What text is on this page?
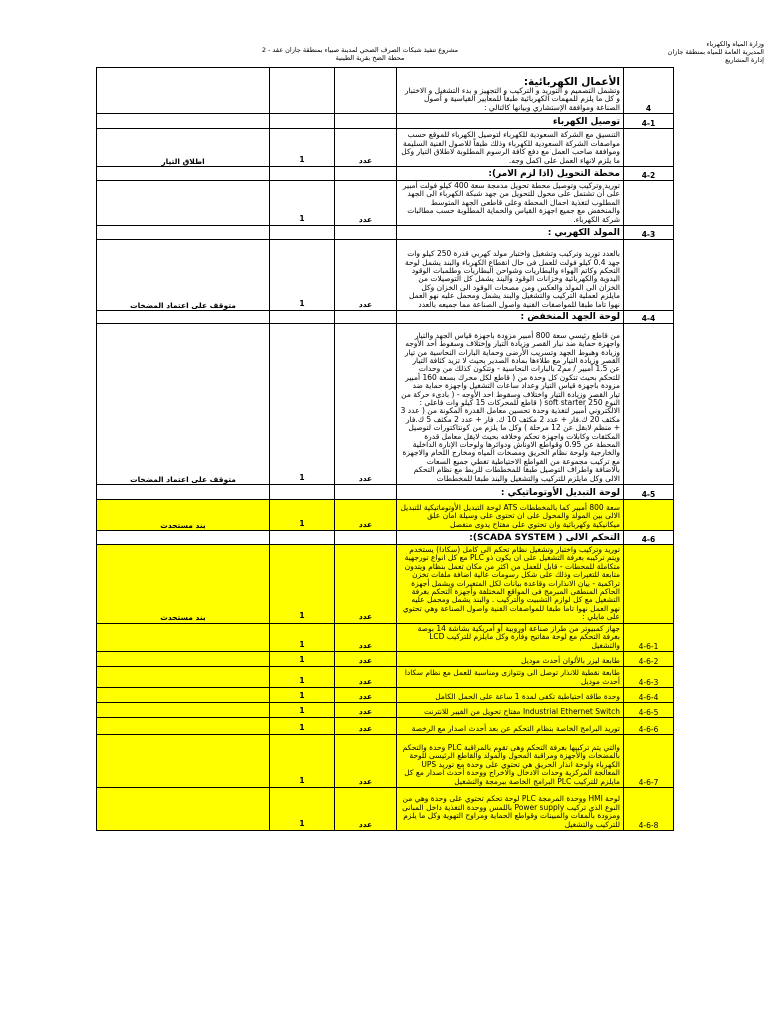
وزارة المياه والكهرباء
المديرية العامة للمياه بمنطقة جازان
إدارة المشاريع
مشروع تنفيذ شبكات الصرف الصحي لمدينة صبياء بمنطقة جازان عقد - 2
محطة الضخ بقرية الطينية

			الأعمال الكهربائية:
وتشمل التصميم و التوريد و التركيب و التجهيز و بدء التشغيل و الاختبار و كل ما يلزم للمهمات الكهربائية طبقاً للمعايير القياسية و أصول الصناعة وموافقة الإستشاري وبيانها كالتالي :	4

			توصيل الكهرباء	4-1
اطلاق التيار	1	عدد	التنسيق مع الشركة السعودية للكهرباء لتوصيل الكهرباء للموقع حسب مواصفات الشركة السعودية للكهرباء وذلك طبقاً للاصول الفنية السليمة وموافقة صاحب العمل مع دفع كافة الرسوم المطلوبة لاطلاق التيار وكل ما يلزم لانهاء العمل على اكمل وجه.	

			محطة التحويل (اذا لزم الامر):	4-2
	1	عدد	توريد وتركيب وتوصيل محطة تحويل مدمجة سعة 400 كيلو فولت أمبير على أن تشتمل على محول للتحويل من جهد شبكة الكهرباء الى الجهد المطلوب لتغذية احمال المحطة وعلى قاطعى الجهد المتوسط والمنخفض مع جميع اجهزة القياس والحماية المطلوبة حسب مطالبات شركة الكهرباء.	

			المولد الكهربي :	4-3
متوقف على اعتماد المضخات	1	عدد	بالعدد توريد وتركيب وتشغيل واختبار مولد كهربي قدرة 250 كيلو وات جهد 0.4 كيلو فولت للعمل فى حال انقطاع الكهرباء والبند يشمل لوحة التحكم وكاتم الهواء والبطاريات وشواحن البطاريات وطلمبات الوقود اليدوية والكهربائية وخزانات الوقود والبند يشمل كل التوصيلات من الخزان الى المولد والعكس ومن مصحات الوقود الى الخزان وكل مايلزم لعملية التركيب والتشغيل والبند يشمل ومحمل عليه نهو العمل نهوا تاما طبقا للمواصفات الفنية واصول الصناعة مما جميعه بالعدد	

			لوحة الجهد المنخفض :	4-4
متوقف على اعتماد المضخات	1	عدد	من قاطع رئيسي سعة 800 أمبير مزودة باجهزة قياس الجهد والتيار واجهزة حماية ضد نبار القصر وزيادة التيار وإختلاف وسقوط أحد الأوجه وزيادة وهبوط الجهد وتسريب الأرضى وحماية البارات النحاسية من تيار القصر وزيادة التيار مع طلاءها بمادة الصدير بحيث لا تزيد كثافة التيار عن 1.5 أمبير / مم2 بالبارات النحاسية - وتتكون كذلك من وحدات للتحكم بحيث تتكون كل وحدة من ( قاطع لكل محرك بسعة 160 أمبير مزودة باجهزة قياس التيار وعداد ساعات التشغيل واجهزة حماية ضد تيار القصر وزيادة التيار واختلاف وسقوط احد الأوجه - ( بادىء حركة من النوع soft starter 250 ( قاطع للمحركات 15 كيلو وات فاعلى : الالكتروني أمبير لتغذية وحدة تحسين معامل القدرة المكونة من ( عدد 3 مكثف 20 ك.فار + عدد 2 مكثف 10 ك. فار + عدد 2 مكثف 5 ك.فار + منظم لابقل عن 12 مرحلة ) وكل ما يلزم من كونتاكتورات لتوصيل المكثفات وكابلات واجهزة تحكم وخلافه بحيث لايقل معامل قدرة المحطة عن 0.95 وقواطع الاوناش ودوائرها ولوحات الإنارة الداخلية والخارجية ولوحة نظام الحريق ومصخات المياه ومخارج اللحام والاجهزة مع تركيب مجموعة من القواطع الاحتياطية تغطي جميع السعات بالاضافة واطراف التوصيل طبقا للمخططات للربط مع نظام التحكم الالى وكل مايلزم للتركيب والتشغيل والبند طبقا للمخططات	

			لوحة التبديل الأوتوماتيكي :	4-5
بند مستحدث	1	عدد	سعة 800 أمبير كما بالمخططات ATS لوحة التبديل الأوتوماتيكية للتبديل الالى بين المولد والمحول على ان تحتوى على وسيلة امان علق ميكانيكية وكهربائية وان تحتوي على مفتاح يدوى منفصل	

			التحكم الالى ( SCADA SYSTEM):	4-6
بند مستحدث	1	عدد	توريد وتركيب واختبار وتشغيل نظام تحكم الى كامل (سكادا) يستخدم ويتم تركيبه بغرفة التشغيل على ان يكون ذو PLC مع كل انواع تورجهية متكاملة للمحطات - قابل للعمل من اكثر من مكان تعمل بنظام ويتدون متابعة للتغيرات وذلك على شكل رسومات عالية اضافة ملفات تخزن تراكمية - بيان الانذارات وقاعدة بيانات لكل المتغيرات ويشمل أجهزة الحاكم المنطقى المبرمج فى المواقع المختلفة وأجهزة التحكم بغرفة التشغيل مع كل لوازم التشبيت والتركيب . والبند يشمل ومحمل عليه نهو العمل نهوا تاما طبقا للمواصفات الفنية واصول الصناعة وهي تحتوي على مايلي :	

	1	عدد	جهاز كمبيوتر من طراز صناعة أوروبية أو أمريكية بشاشة 14 بوصة بغرفة التحكم مع لوحة مفاتيح وفأرة وكل مايلزم للتركيب LCD والتشغيل	4-6-1
	1	عدد	طابعة ليزر بالألوان أحدث موديل	4-6-2
	1	عدد	طابعة نقطية للانذار توصل الى وتتوازى ومناسبة للعمل مع نظام سكادا أحدث موديل	4-6-3
	1	عدد	وحدة طاقة احتياطية تكفى لمدة 1 ساعة على الحمل الكامل	4-6-4
	1	عدد	Industrial Ethernet Switch مفتاح تحويل من الفيبر للانترنت	4-6-5
	1	عدد	توريد البرامج الخاصة بنظام التحكم عن بعد أحدث اصدار مع الرخصة	4-6-6
	1	عدد	والتي يتم تركيبها بغرفة التحكم وهى تقوم بالمراقبة PLC وحدة والتحكم بالمضخات والأجهزة ومراقبة المحول والمولد والقاطع الرئيسى للوحة الكهرباء ولوحة انذار الحريق هي تحتوي على وحدة مع توريد UPS المعالجة المركزية وحدات الادخال والاخراج ووحدة أحدث اصدار مع كل مايلزم للتركيب PLC البرامج الخاصة ببرمجة والتشغيل	4-6-7
	1	عدد	لوحة HMI ووحدة المرمجة PLC لوحة تحكم تحتوي على وحدة وهي من النوع الذي تركيب Power supply باللمس ووحدة التغذية داخل المبانى ومزودة بالمفات والمبينات وقواطع الحماية ومراوح التهوية وكل ما يلزم للتركيب والتشغيل	4-6-8
